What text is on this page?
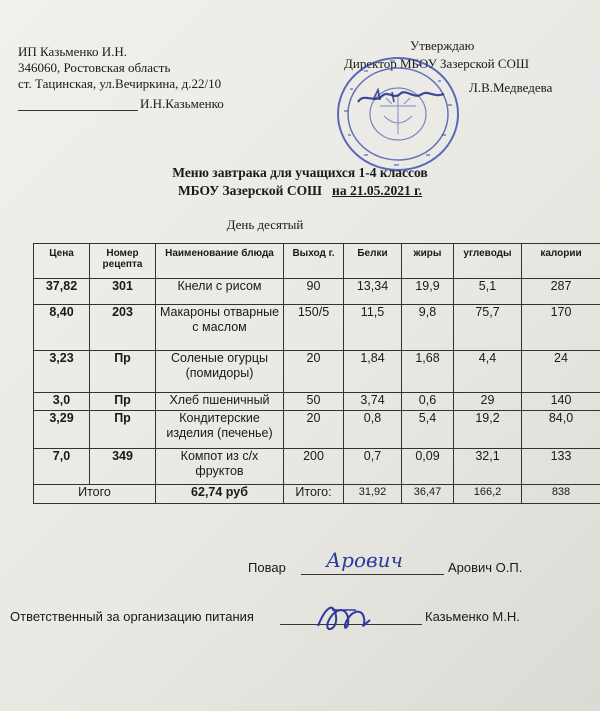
ИП Казьменко И.Н.
346060, Ростовская область
ст. Тацинская, ул.Вечиркина, д.22/10
И.Н.Казьменко
Утверждаю
Директор МБОУ Зазерской СОШ
Л.В.Медведева
Меню завтрака для учащихся 1-4 классов
МБОУ Зазерской СОШ на 21.05.2021 г.
День десятый
Цена	Номер рецепта	Наименование блюда	Выход г.	Белки	жиры	углеводы	калории
37,82	301	Кнели с рисом	90	13,34	19,9	5,1	287
8,40	203	Макароны отварные с маслом	150/5	11,5	9,8	75,7	170
3,23	Пр	Соленые огурцы (помидоры)	20	1,84	1,68	4,4	24
3,0	Пр	Хлеб пшеничный	50	3,74	0,6	29	140
3,29	Пр	Кондитерские изделия (печенье)	20	0,8	5,4	19,2	84,0
7,0	349	Компот из с/х фруктов	200	0,7	0,09	32,1	133
Итого		62,74 руб	Итого:	31,92	36,47	166,2	838
Повар Арович	Арович О.П.
Ответственный за организацию питания	Казьменко М.Н.
